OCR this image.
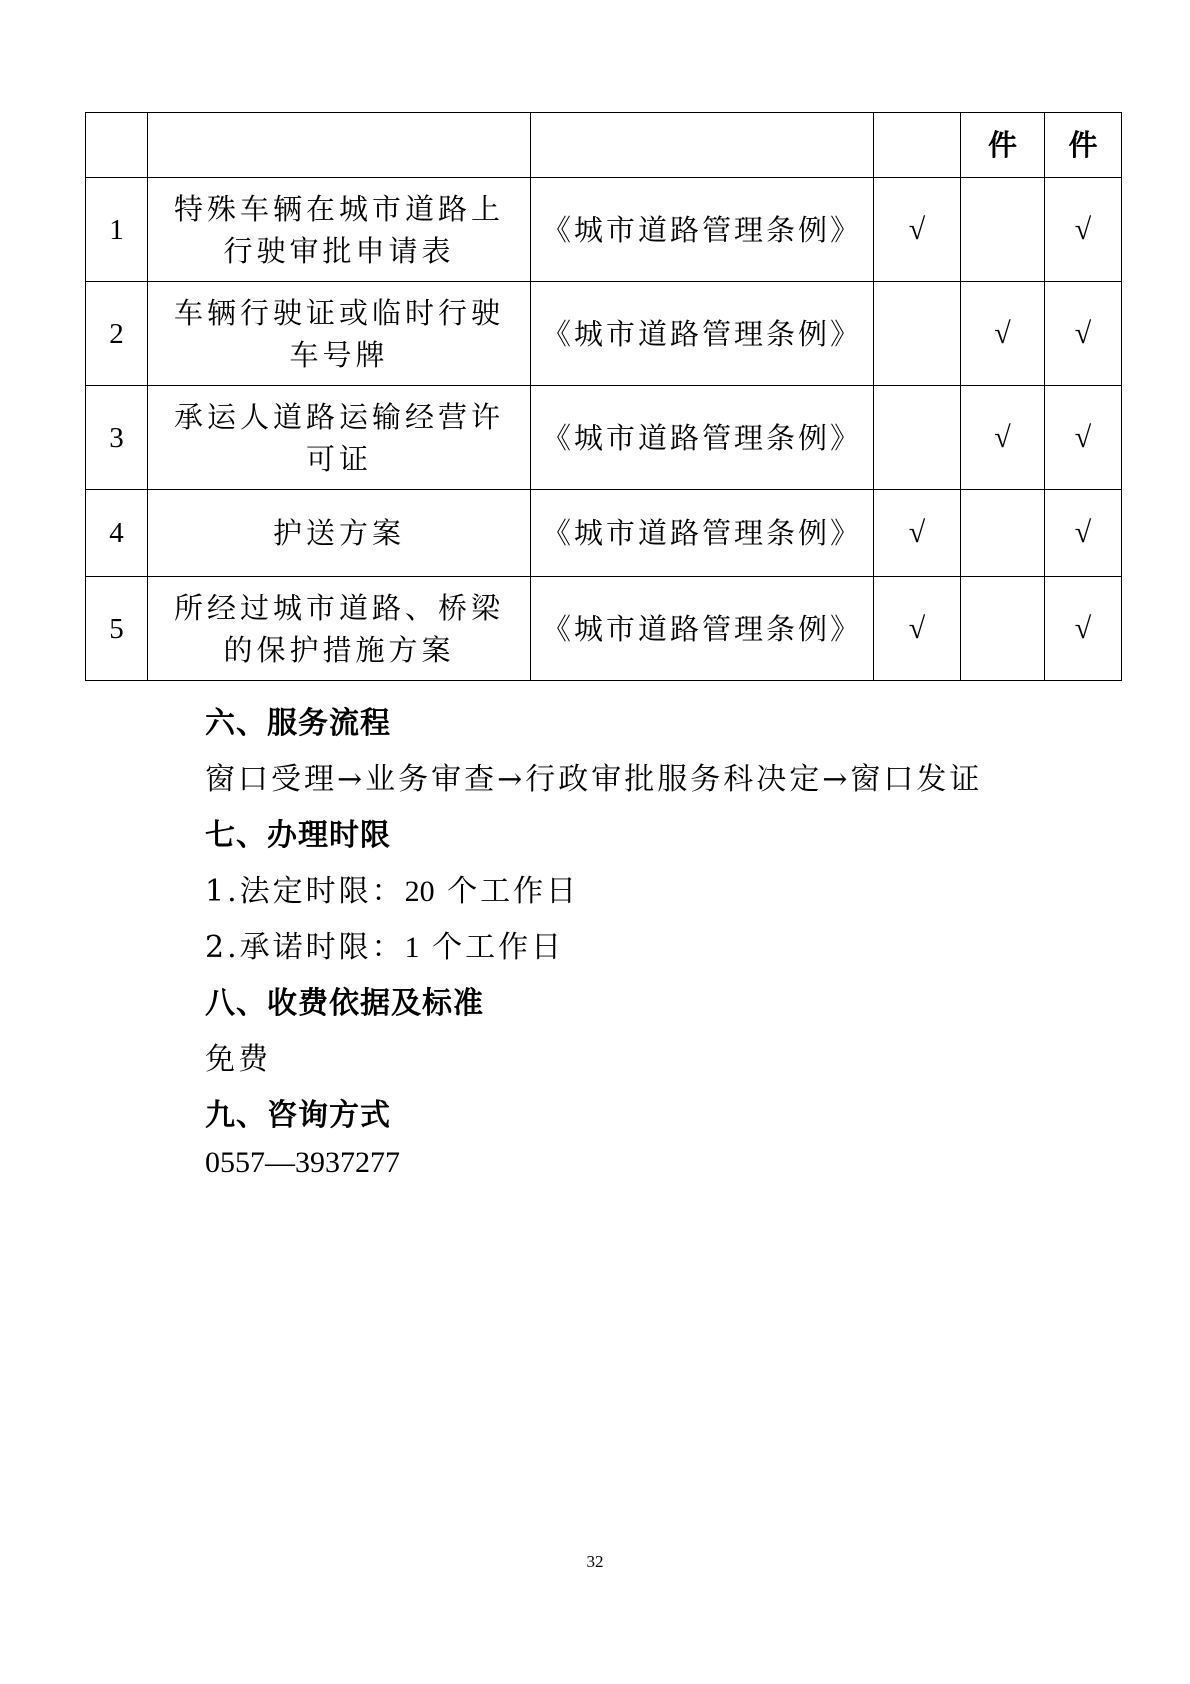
				件	件
1	特殊车辆在城市道路上行驶审批申请表	《城市道路管理条例》	√		√
2	车辆行驶证或临时行驶车号牌	《城市道路管理条例》		√	√
3	承运人道路运输经营许可证	《城市道路管理条例》		√	√
4	护送方案	《城市道路管理条例》	√		√
5	所经过城市道路、桥梁的保护措施方案	《城市道路管理条例》	√		√
六、服务流程
窗口受理→业务审查→行政审批服务科决定→窗口发证
七、办理时限
1.法定时限：20 个工作日
2.承诺时限：1 个工作日
八、收费依据及标准
免费
九、咨询方式
0557—3937277
32
